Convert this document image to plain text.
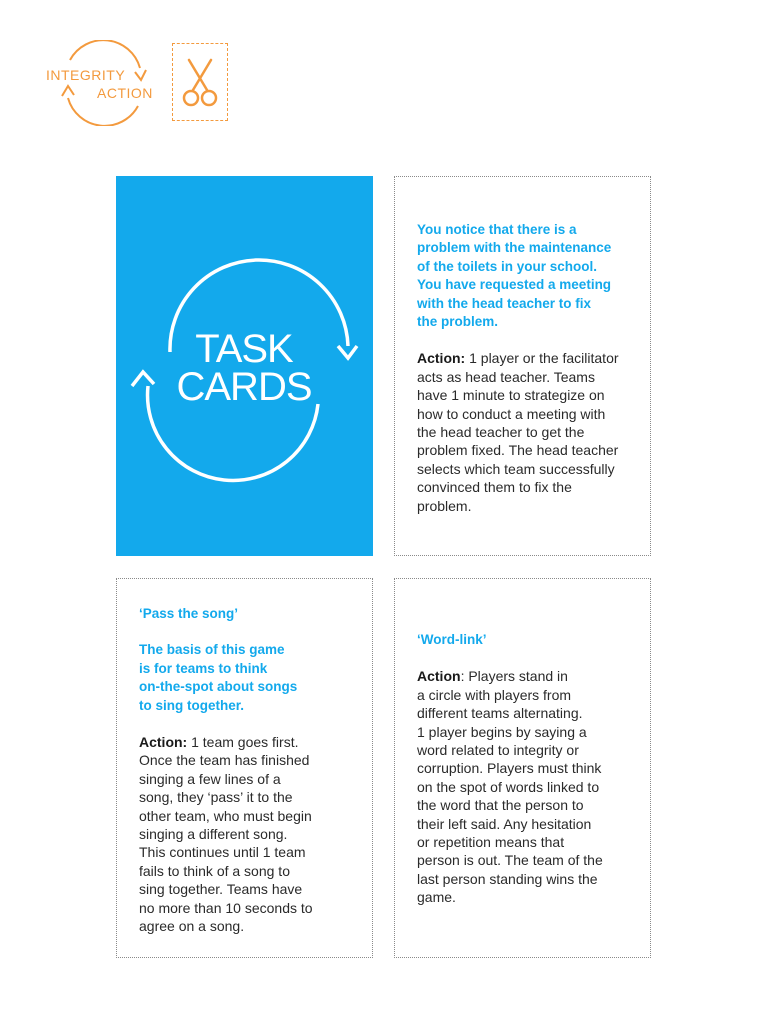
INTEGRITY
ACTION
TASK
CARDS

You notice that there is a
problem with the maintenance
of the toilets in your school.
You have requested a meeting
with the head teacher to fix
the problem.

Action: 1 player or the facilitator
acts as head teacher. Teams
have 1 minute to strategize on
how to conduct a meeting with
the head teacher to get the
problem fixed. The head teacher
selects which team successfully
convinced them to fix the
problem.

‘Pass the song’

The basis of this game
is for teams to think
on-the-spot about songs
to sing together.

Action: 1 team goes first.
Once the team has finished
singing a few lines of a
song, they ‘pass’ it to the
other team, who must begin
singing a different song.
This continues until 1 team
fails to think of a song to
sing together. Teams have
no more than 10 seconds to
agree on a song.

‘Word-link’

Action: Players stand in
a circle with players from
different teams alternating.
1 player begins by saying a
word related to integrity or
corruption. Players must think
on the spot of words linked to
the word that the person to
their left said. Any hesitation
or repetition means that
person is out. The team of the
last person standing wins the
game.
